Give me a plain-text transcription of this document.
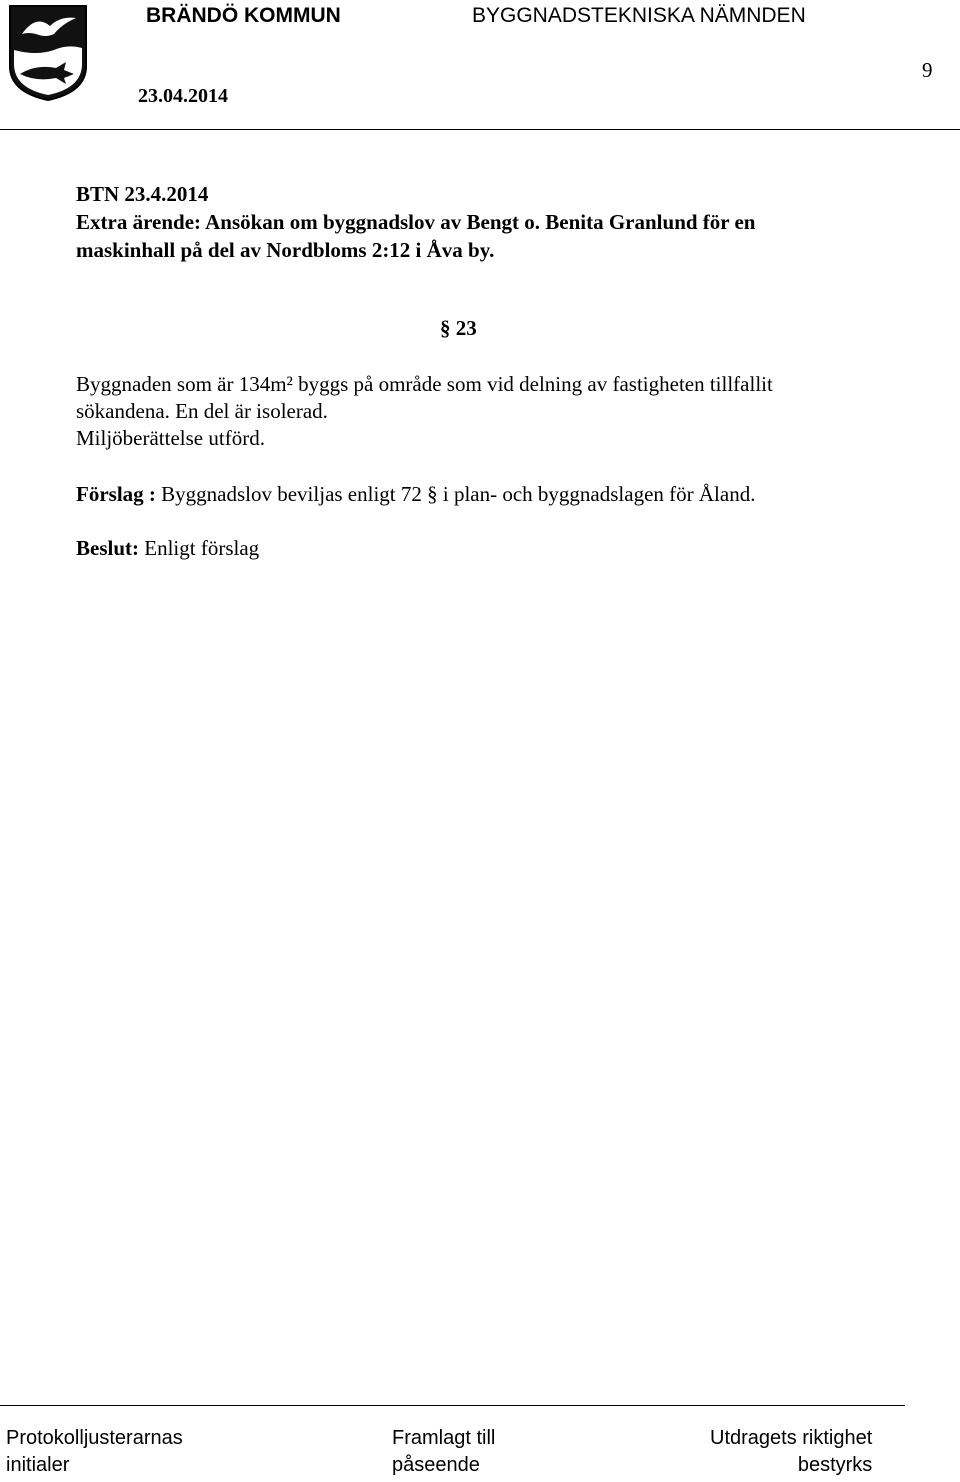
BRÄNDÖ KOMMUN	BYGGNADSTEKNISKA NÄMNDEN
23.04.2014
9
BTN 23.4.2014
Extra ärende: Ansökan om byggnadslov av Bengt o. Benita Granlund för en
maskinhall på del av Nordbloms 2:12 i Åva by.
§ 23
Byggnaden som är 134m² byggs på område som vid delning av fastigheten tillfallit
sökandena. En del är isolerad.
Miljöberättelse utförd.
Förslag : Byggnadslov beviljas enligt 72 § i plan- och byggnadslagen för Åland.
Beslut: Enligt förslag
Protokolljusterarnas
initialer
Framlagt till
påseende
Utdragets riktighet
bestyrks
